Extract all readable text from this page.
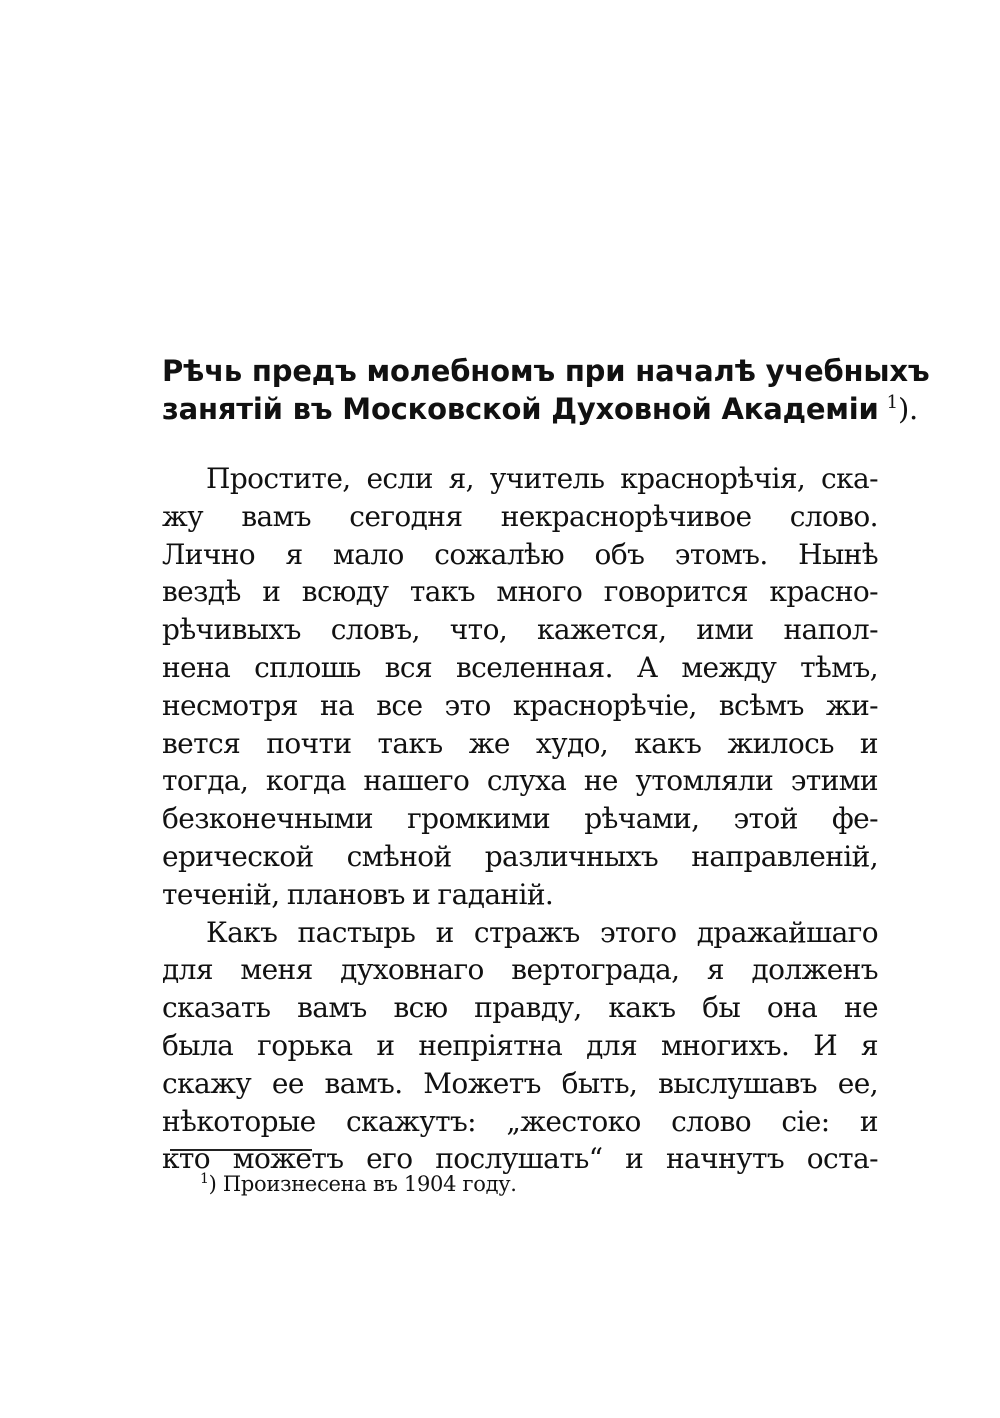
Рѣчь предъ молебномъ при началѣ учебныхъ
занятій въ Московской Духовной Академіи $^1$).
Простите, если я, учитель краснорѣчія, ска-
жу вамъ сегодня некраснорѣчивое слово.
Лично я мало сожалѣю объ этомъ. Нынѣ
вездѣ и всюду такъ много говорится красно-
рѣчивыхъ словъ, что, кажется, ими напол-
нена сплошь вся вселенная. А между тѣмъ,
несмотря на все это краснорѣчіе, всѣмъ жи-
вется почти такъ же худо, какъ жилось и
тогда, когда нашего слуха не утомляли этими
безконечными громкими рѣчами, этой фе-
ерической смѣной различныхъ направленій,
теченій, плановъ и гаданій.
Какъ пастырь и стражъ этого дражайшаго
для меня духовнаго вертограда, я долженъ
сказать вамъ всю правду, какъ бы она не
была горька и непріятна для многихъ. И я
скажу ее вамъ. Можетъ быть, выслушавъ ее,
нѣкоторые скажутъ: „жестоко слово сіе: и
кто можетъ его послушать“ и начнутъ оста-
$^1$) Произнесена въ 1904 году.
